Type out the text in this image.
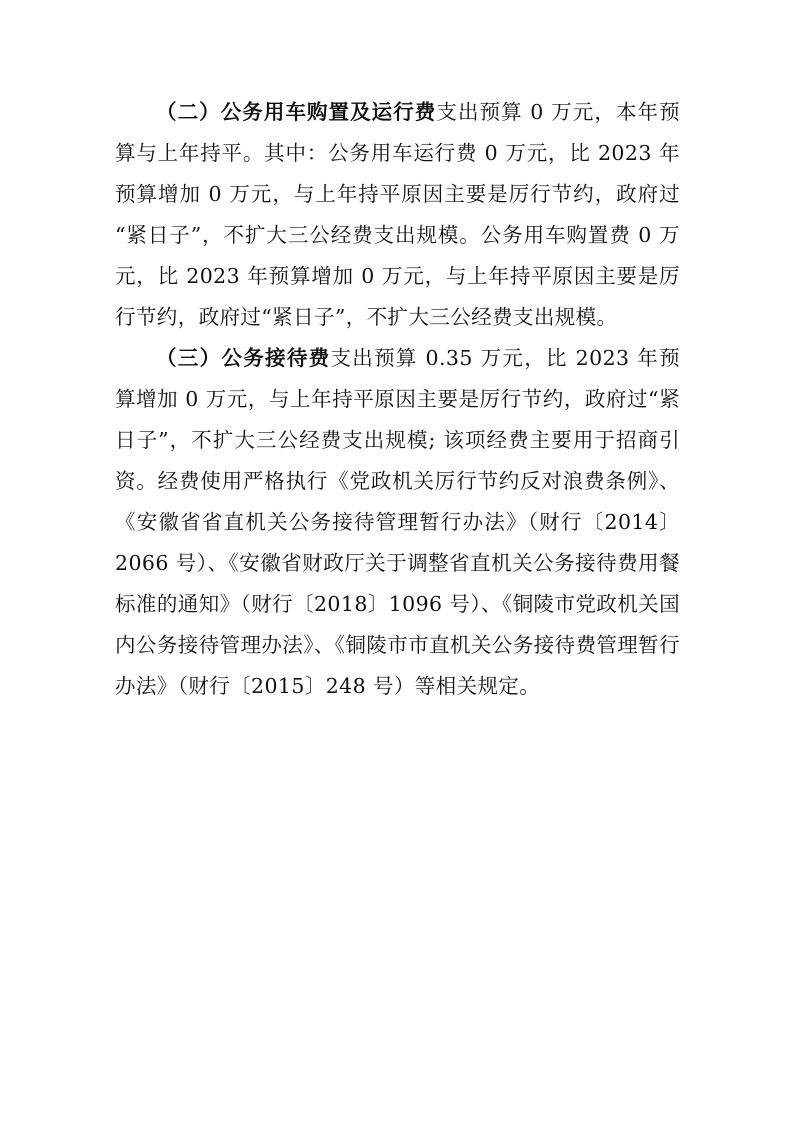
（二）公务用车购置及运行费支出预算 0 万元，本年预算与上年持平。其中：公务用车运行费 0 万元，比 2023 年预算增加 0 万元，与上年持平原因主要是厉行节约，政府过“紧日子”，不扩大三公经费支出规模。公务用车购置费 0 万元，比 2023 年预算增加 0 万元，与上年持平原因主要是厉行节约，政府过“紧日子”，不扩大三公经费支出规模。

（三）公务接待费支出预算 0.35 万元，比 2023 年预算增加 0 万元，与上年持平原因主要是厉行节约，政府过“紧日子”，不扩大三公经费支出规模; 该项经费主要用于招商引资。经费使用严格执行《党政机关厉行节约反对浪费条例》、《安徽省省直机关公务接待管理暂行办法》（财行〔2014〕2066 号）、《安徽省财政厅关于调整省直机关公务接待费用餐标准的通知》（财行〔2018〕1096 号）、《铜陵市党政机关国内公务接待管理办法》、《铜陵市市直机关公务接待费管理暂行办法》（财行〔2015〕248 号）等相关规定。
